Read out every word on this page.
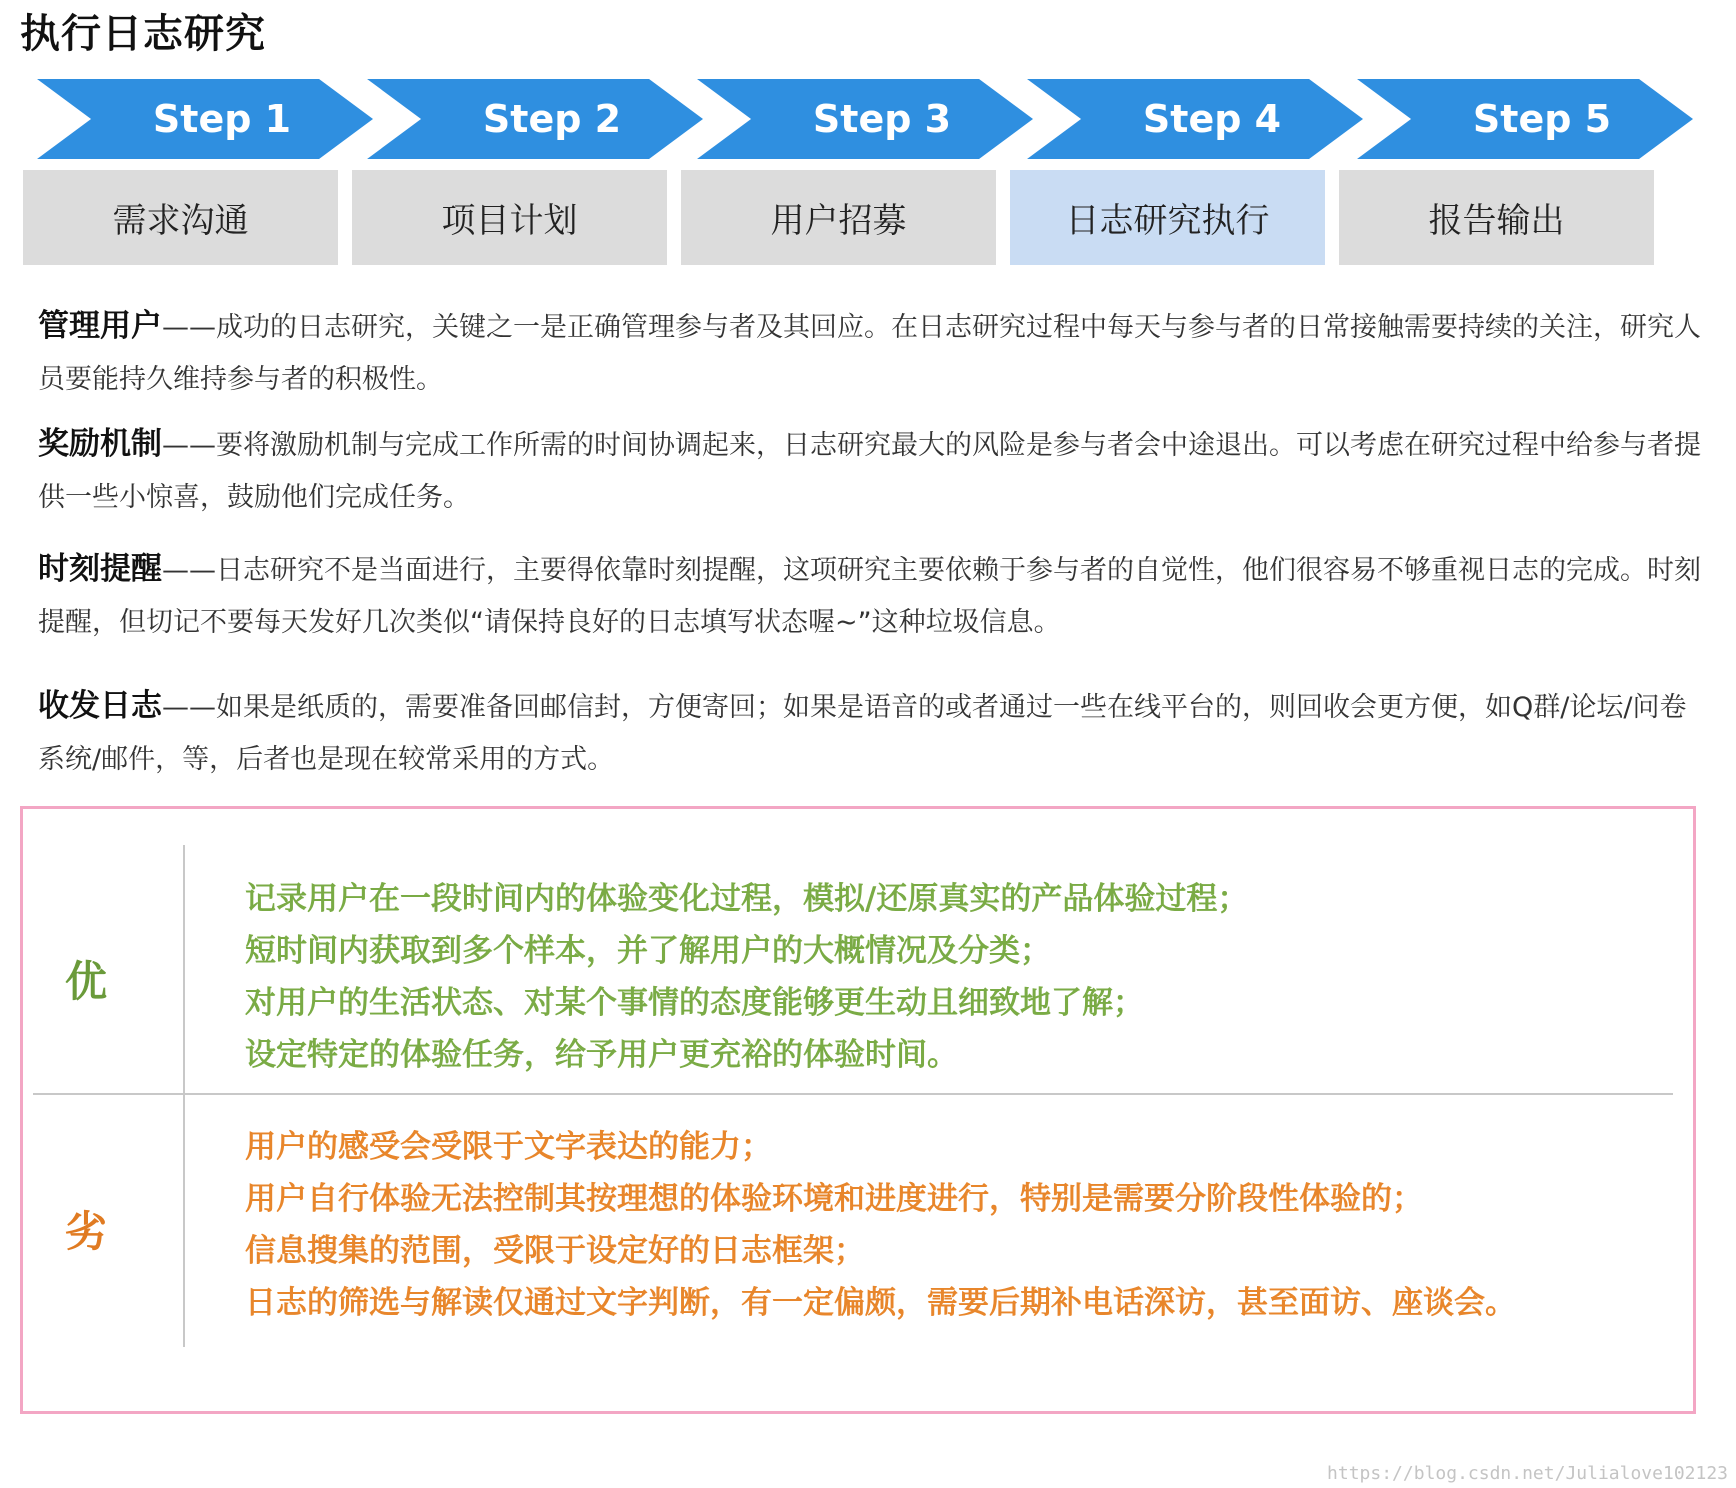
执行日志研究
Step 1	Step 2	Step 3	Step 4	Step 5
需求沟通	项目计划	用户招募	日志研究执行	报告输出
管理用户——成功的日志研究，关键之一是正确管理参与者及其回应。在日志研究过程中每天与参与者的日常接触需要持续的关注，研究人员要能持久维持参与者的积极性。
奖励机制——要将激励机制与完成工作所需的时间协调起来，日志研究最大的风险是参与者会中途退出。可以考虑在研究过程中给参与者提供一些小惊喜，鼓励他们完成任务。
时刻提醒——日志研究不是当面进行，主要得依靠时刻提醒，这项研究主要依赖于参与者的自觉性，他们很容易不够重视日志的完成。时刻提醒，但切记不要每天发好几次类似“请保持良好的日志填写状态喔~”这种垃圾信息。
收发日志——如果是纸质的，需要准备回邮信封，方便寄回；如果是语音的或者通过一些在线平台的，则回收会更方便，如Q群/论坛/问卷系统/邮件，等，后者也是现在较常采用的方式。
优
记录用户在一段时间内的体验变化过程，模拟/还原真实的产品体验过程；
短时间内获取到多个样本，并了解用户的大概情况及分类；
对用户的生活状态、对某个事情的态度能够更生动且细致地了解；
设定特定的体验任务，给予用户更充裕的体验时间。
劣
用户的感受会受限于文字表达的能力；
用户自行体验无法控制其按理想的体验环境和进度进行，特别是需要分阶段性体验的；
信息搜集的范围，受限于设定好的日志框架；
日志的筛选与解读仅通过文字判断，有一定偏颇，需要后期补电话深访，甚至面访、座谈会。
https://blog.csdn.net/Julialove102123
